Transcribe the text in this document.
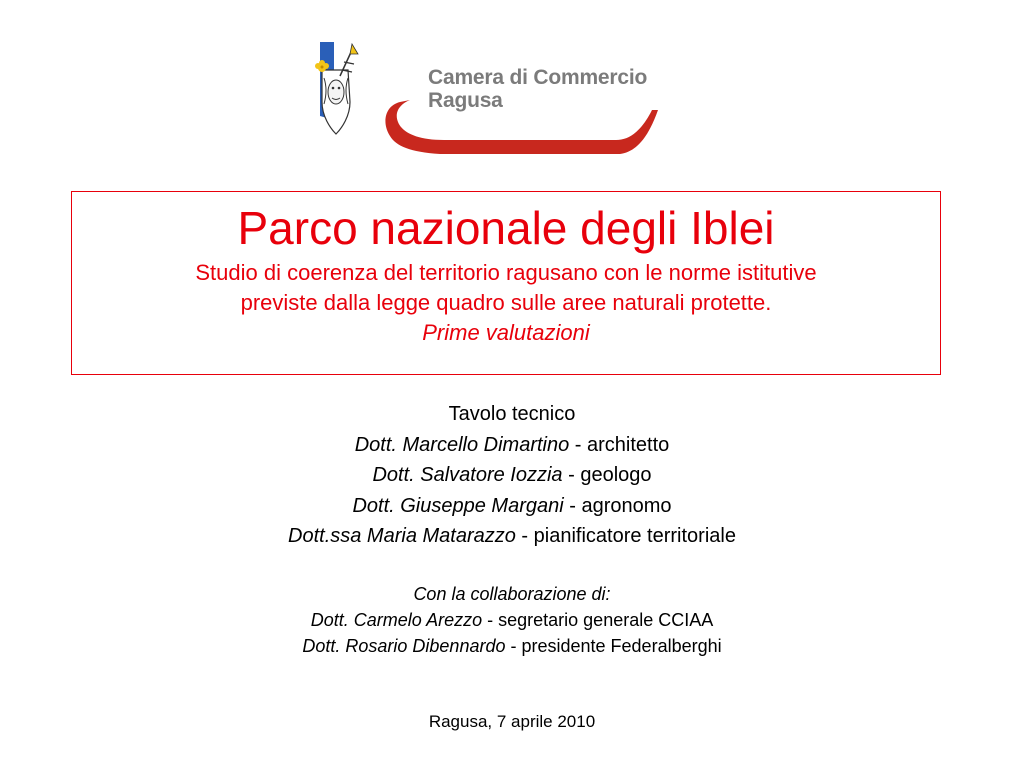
Camera di Commercio
Ragusa
Parco nazionale degli Iblei
Studio di coerenza del territorio ragusano con le norme istitutive
previste dalla legge quadro sulle aree naturali protette.
Prime valutazioni
Tavolo tecnico
Dott. Marcello Dimartino - architetto
Dott. Salvatore Iozzia - geologo
Dott. Giuseppe Margani - agronomo
Dott.ssa Maria Matarazzo - pianificatore territoriale
Con la collaborazione di:
Dott. Carmelo Arezzo - segretario generale CCIAA
Dott. Rosario Dibennardo - presidente Federalberghi
Ragusa, 7 aprile 2010
